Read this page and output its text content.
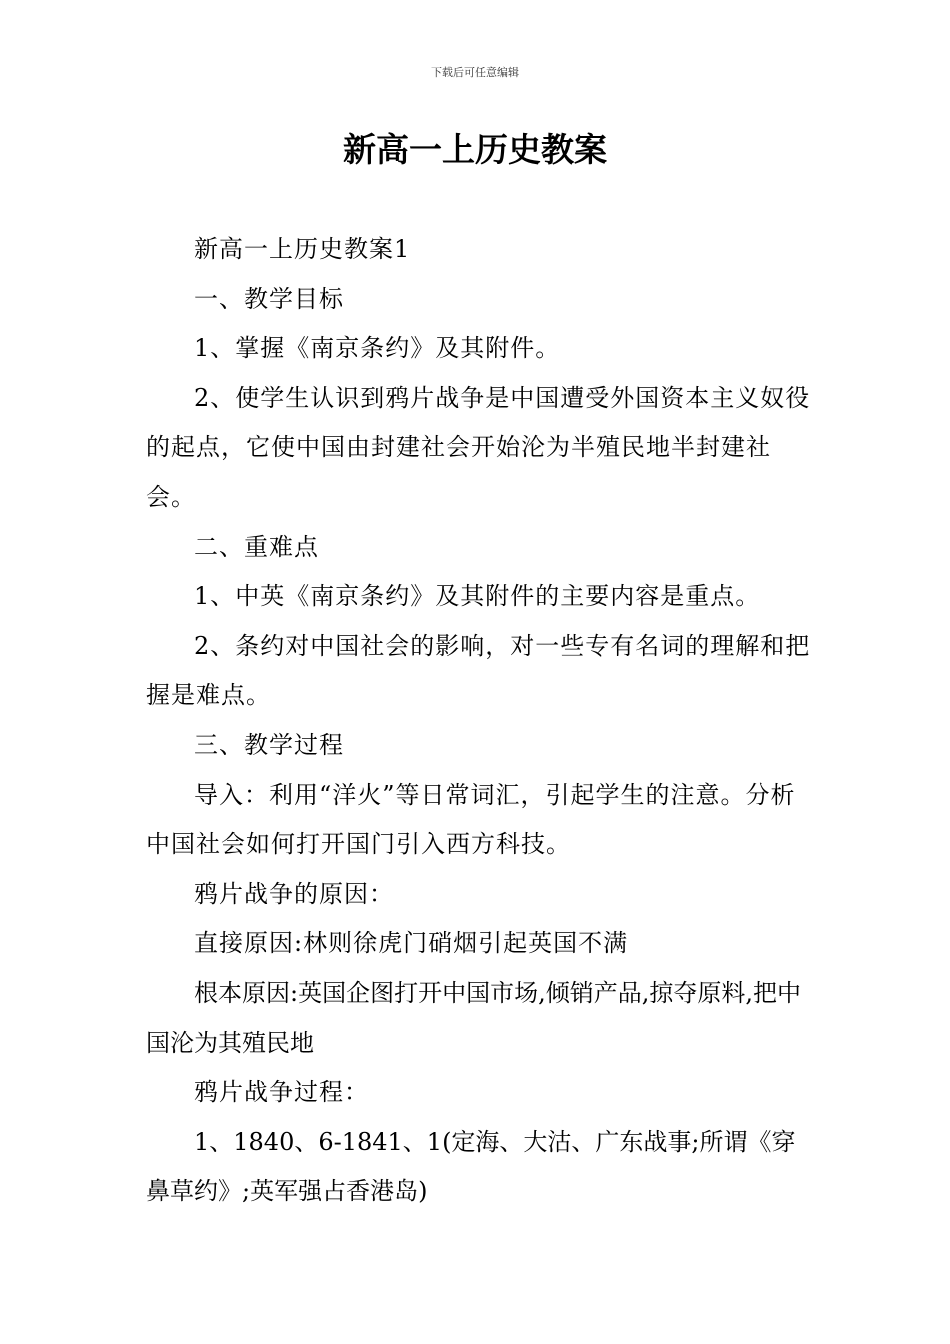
下载后可任意编辑
新高一上历史教案

新高一上历史教案1

一、教学目标

1、掌握《南京条约》及其附件。

2、使学生认识到鸦片战争是中国遭受外国资本主义奴役的起点，它使中国由封建社会开始沦为半殖民地半封建社会。

二、重难点

1、中英《南京条约》及其附件的主要内容是重点。

2、条约对中国社会的影响，对一些专有名词的理解和把握是难点。

三、教学过程

导入：利用“洋火”等日常词汇，引起学生的注意。分析中国社会如何打开国门引入西方科技。

鸦片战争的原因：

直接原因:林则徐虎门硝烟引起英国不满

根本原因:英国企图打开中国市场,倾销产品,掠夺原料,把中国沦为其殖民地

鸦片战争过程：

1、1840、6-1841、1(定海、大沽、广东战事;所谓《穿鼻草约》;英军强占香港岛)
